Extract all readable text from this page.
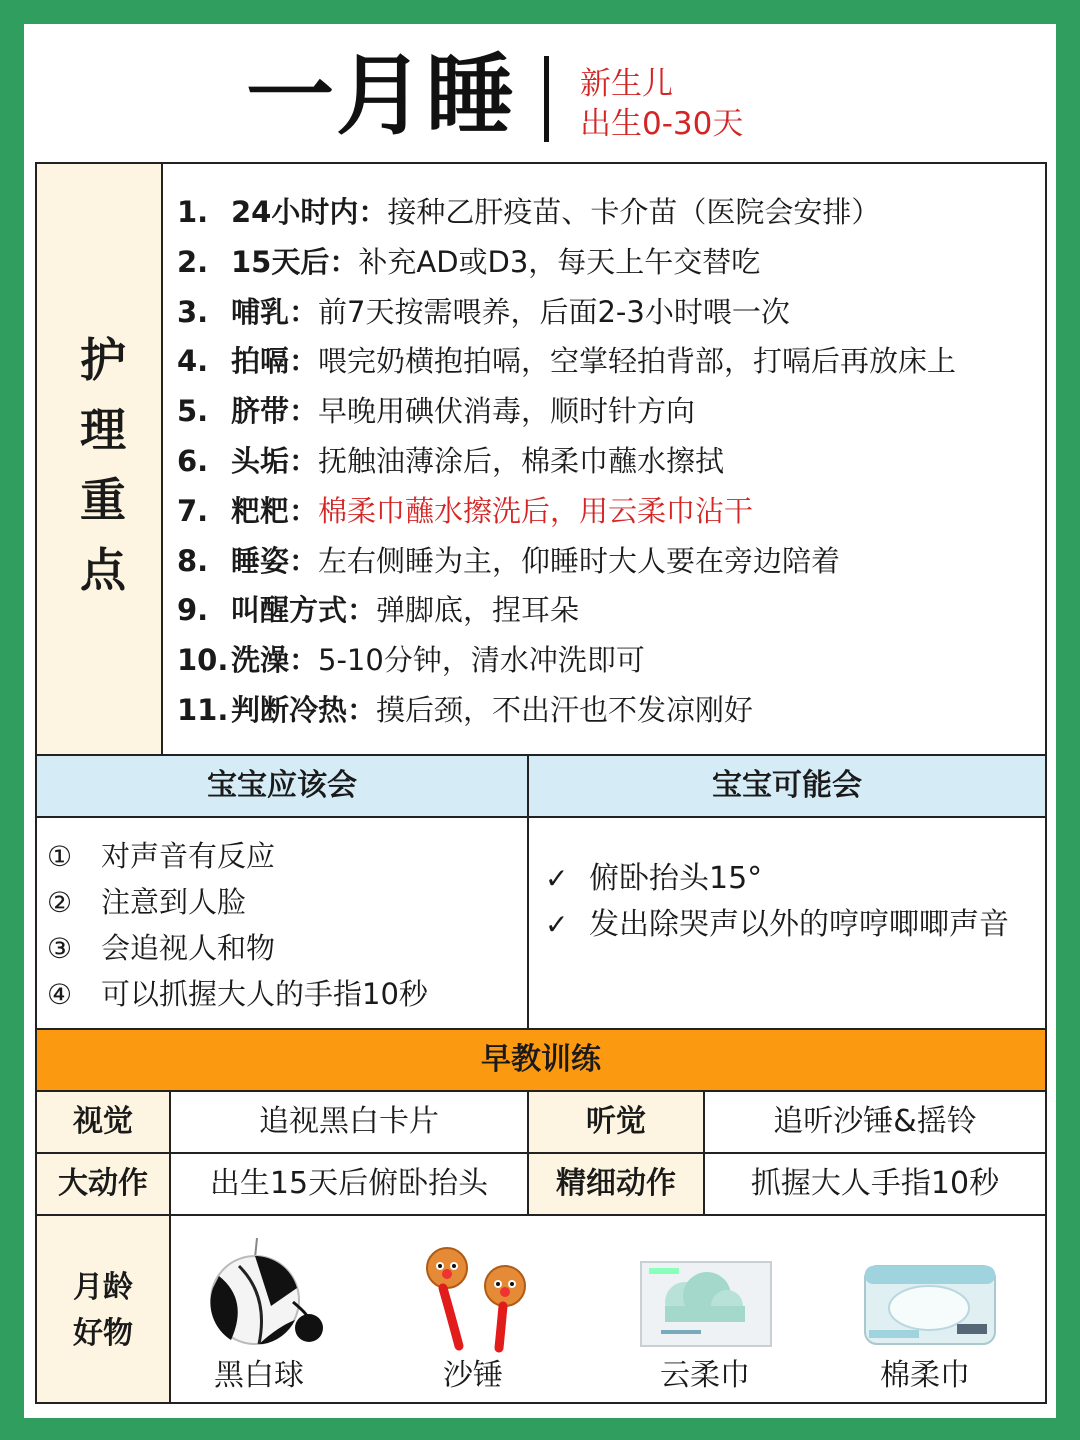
一月睡 新生儿
出生0-30天
护
理
重
点
1. 24小时内：接种乙肝疫苗、卡介苗（医院会安排）
2. 15天后：补充AD或D3，每天上午交替吃
3. 哺乳：前7天按需喂养，后面2-3小时喂一次
4. 拍嗝：喂完奶横抱拍嗝，空掌轻拍背部，打嗝后再放床上
5. 脐带：早晚用碘伏消毒，顺时针方向
6. 头垢：抚触油薄涂后，棉柔巾蘸水擦拭
7. 粑粑：棉柔巾蘸水擦洗后，用云柔巾沾干
8. 睡姿：左右侧睡为主，仰睡时大人要在旁边陪着
9. 叫醒方式：弹脚底，捏耳朵
10.洗澡：5-10分钟，清水冲洗即可
11.判断冷热：摸后颈，不出汗也不发凉刚好
宝宝应该会	宝宝可能会
① 对声音有反应
② 注意到人脸
③ 会追视人和物
④ 可以抓握大人的手指10秒
✓ 俯卧抬头15°
✓ 发出除哭声以外的哼哼唧唧声音
早教训练
视觉	追视黑白卡片	听觉	追听沙锤&摇铃
大动作	出生15天后俯卧抬头	精细动作	抓握大人手指10秒
月龄
好物
黑白球	沙锤	云柔巾	棉柔巾
